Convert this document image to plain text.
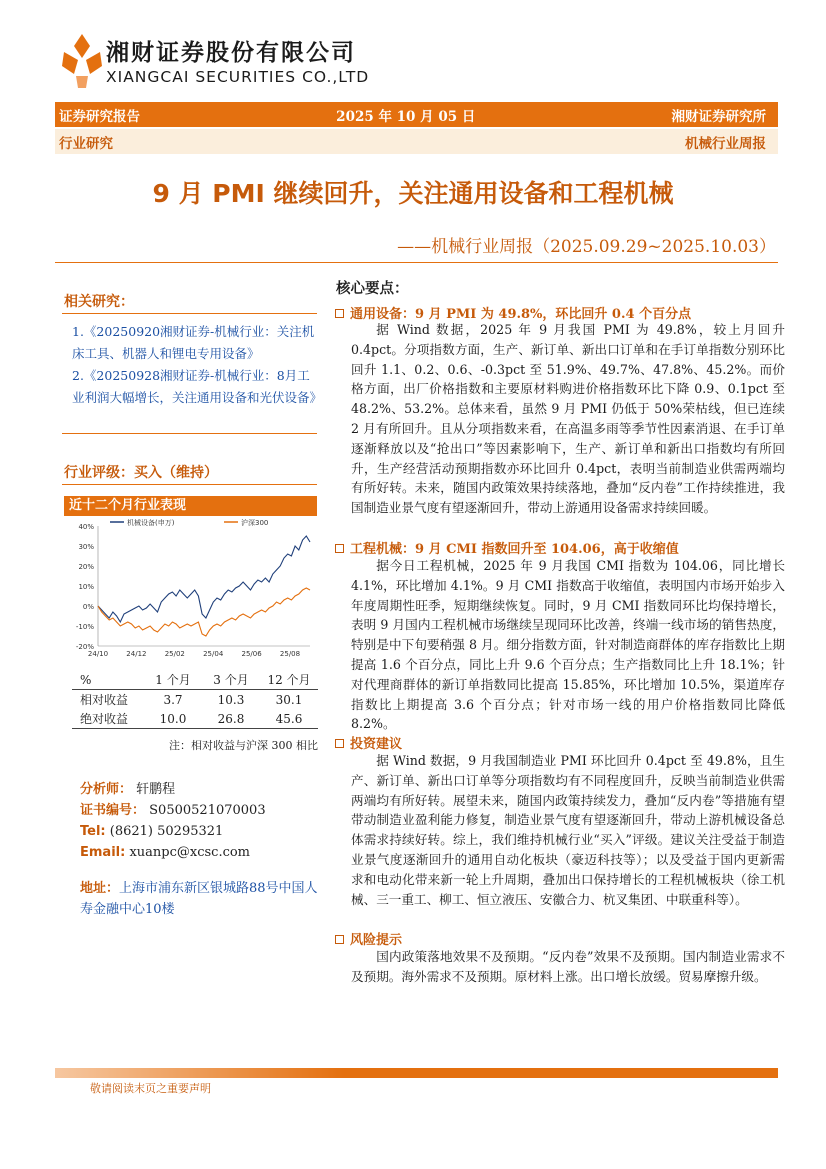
湘财证券股份有限公司
XIANGCAI SECURITIES CO.,LTD
证券研究报告	2025 年 10 月 05 日	湘财证券研究所
行业研究	机械行业周报
9 月 PMI 继续回升，关注通用设备和工程机械
——机械行业周报（2025.09.29~2025.10.03）
相关研究：
1.《20250920湘财证券-机械行业：关注机床工具、机器人和锂电专用设备》
2.《20250928湘财证券-机械行业：8月工业利润大幅增长，关注通用设备和光伏设备》
行业评级：买入（维持）
近十二个月行业表现
40%
30%
20%
10%
0%
-10%
-20%
24/10	24/12	25/02	25/04	25/06	25/08
机械设备(申万)	沪深300
%	1 个月	3 个月	12 个月
相对收益	3.7	10.3	30.1
绝对收益	10.0	26.8	45.6
注：相对收益与沪深 300 相比
分析师： 轩鹏程
证书编号： S0500521070003
Tel: (8621) 50295321
Email: xuanpc@xcsc.com
地址：上海市浦东新区银城路88号中国人寿金融中心10楼
核心要点：
通用设备：9 月 PMI 为 49.8%，环比回升 0.4 个百分点
据 Wind 数据，2025 年 9 月我国 PMI 为 49.8%，较上月回升 0.4pct。分项指数方面，生产、新订单、新出口订单和在手订单指数分别环比回升 1.1、0.2、0.6、-0.3pct 至 51.9%、49.7%、47.8%、45.2%。而价格方面，出厂价格指数和主要原材料购进价格指数环比下降 0.9、0.1pct 至 48.2%、53.2%。总体来看，虽然 9 月 PMI 仍低于 50%荣枯线，但已连续 2 月有所回升。且从分项指数来看，在高温多雨等季节性因素消退、在手订单逐渐释放以及“抢出口”等因素影响下，生产、新订单和新出口指数均有所回升，生产经营活动预期指数亦环比回升 0.4pct，表明当前制造业供需两端均有所好转。未来，随国内政策效果持续落地，叠加“反内卷”工作持续推进，我国制造业景气度有望逐渐回升，带动上游通用设备需求持续回暖。
工程机械：9 月 CMI 指数回升至 104.06，高于收缩值
据今日工程机械，2025 年 9 月我国 CMI 指数为 104.06，同比增长 4.1%，环比增加 4.1%。9 月 CMI 指数高于收缩值，表明国内市场开始步入年度周期性旺季，短期继续恢复。同时，9 月 CMI 指数同环比均保持增长，表明 9 月国内工程机械市场继续呈现同环比改善，终端一线市场的销售热度，特别是中下旬要稍强 8 月。细分指数方面，针对制造商群体的库存指数比上期提高 1.6 个百分点，同比上升 9.6 个百分点；生产指数同比上升 18.1%；针对代理商群体的新订单指数同比提高 15.85%，环比增加 10.5%，渠道库存指数比上期提高 3.6 个百分点；针对市场一线的用户价格指数同比降低 8.2%。
投资建议
据 Wind 数据，9 月我国制造业 PMI 环比回升 0.4pct 至 49.8%，且生产、新订单、新出口订单等分项指数均有不同程度回升，反映当前制造业供需两端均有所好转。展望未来，随国内政策持续发力，叠加“反内卷”等措施有望带动制造业盈利能力修复，制造业景气度有望逐渐回升，带动上游机械设备总体需求持续好转。综上，我们维持机械行业“买入”评级。建议关注受益于制造业景气度逐渐回升的通用自动化板块（豪迈科技等）；以及受益于国内更新需求和电动化带来新一轮上升周期，叠加出口保持增长的工程机械板块（徐工机械、三一重工、柳工、恒立液压、安徽合力、杭叉集团、中联重科等）。
风险提示
国内政策落地效果不及预期。“反内卷”效果不及预期。国内制造业需求不及预期。海外需求不及预期。原材料上涨。出口增长放缓。贸易摩擦升级。
敬请阅读末页之重要声明
